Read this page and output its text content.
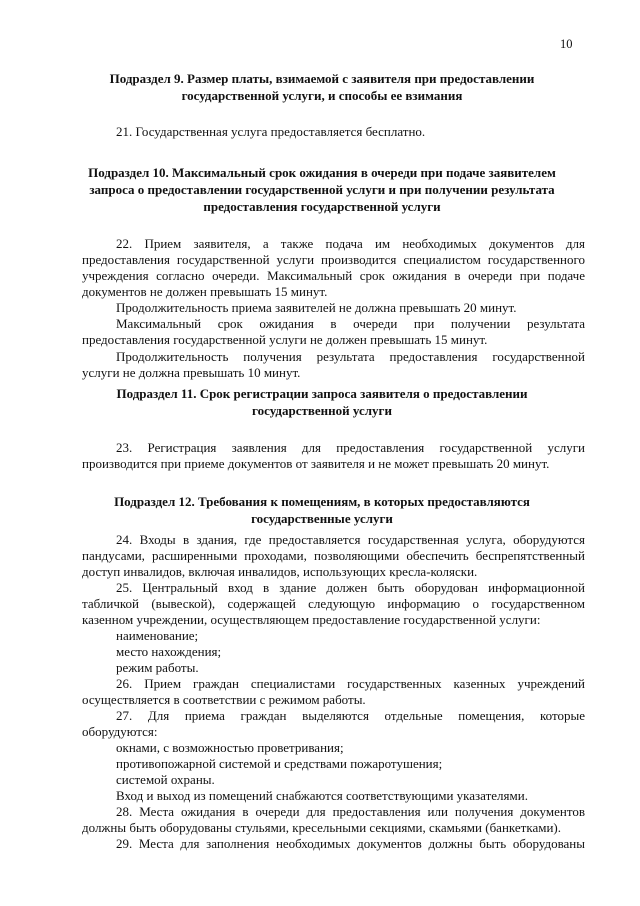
10
Подраздел 9. Размер платы, взимаемой с заявителя при предоставлении
государственной услуги, и способы ее взимания
21. Государственная услуга предоставляется бесплатно.
Подраздел 10. Максимальный срок ожидания в очереди при подаче заявителем
запроса о предоставлении государственной услуги и при получении результата
предоставления государственной услуги
22. Прием заявителя, а также подача им необходимых документов для
предоставления государственной услуги производится специалистом государственного
учреждения согласно очереди. Максимальный срок ожидания в очереди при подаче
документов не должен превышать 15 минут.
Продолжительность приема заявителей не должна превышать 20 минут.
Максимальный срок ожидания в очереди при получении результата
предоставления государственной услуги не должен превышать 15 минут.
Продолжительность получения результата предоставления государственной
услуги не должна превышать 10 минут.
Подраздел 11. Срок регистрации запроса заявителя о предоставлении
государственной услуги
23. Регистрация заявления для предоставления государственной услуги
производится при приеме документов от заявителя и не может превышать 20 минут.
Подраздел 12. Требования к помещениям, в которых предоставляются
государственные услуги
24. Входы в здания, где предоставляется государственная услуга, оборудуются
пандусами, расширенными проходами, позволяющими обеспечить беспрепятственный
доступ инвалидов, включая инвалидов, использующих кресла-коляски.
25. Центральный вход в здание должен быть оборудован информационной
табличкой (вывеской), содержащей следующую информацию о государственном
казенном учреждении, осуществляющем предоставление государственной услуги:
наименование;
место нахождения;
режим работы.
26. Прием граждан специалистами государственных казенных учреждений
осуществляется в соответствии с режимом работы.
27. Для приема граждан выделяются отдельные помещения, которые
оборудуются:
окнами, с возможностью проветривания;
противопожарной системой и средствами пожаротушения;
системой охраны.
Вход и выход из помещений снабжаются соответствующими указателями.
28. Места ожидания в очереди для предоставления или получения документов
должны быть оборудованы стульями, кресельными секциями, скамьями (банкетками).
29. Места для заполнения необходимых документов должны быть оборудованы
